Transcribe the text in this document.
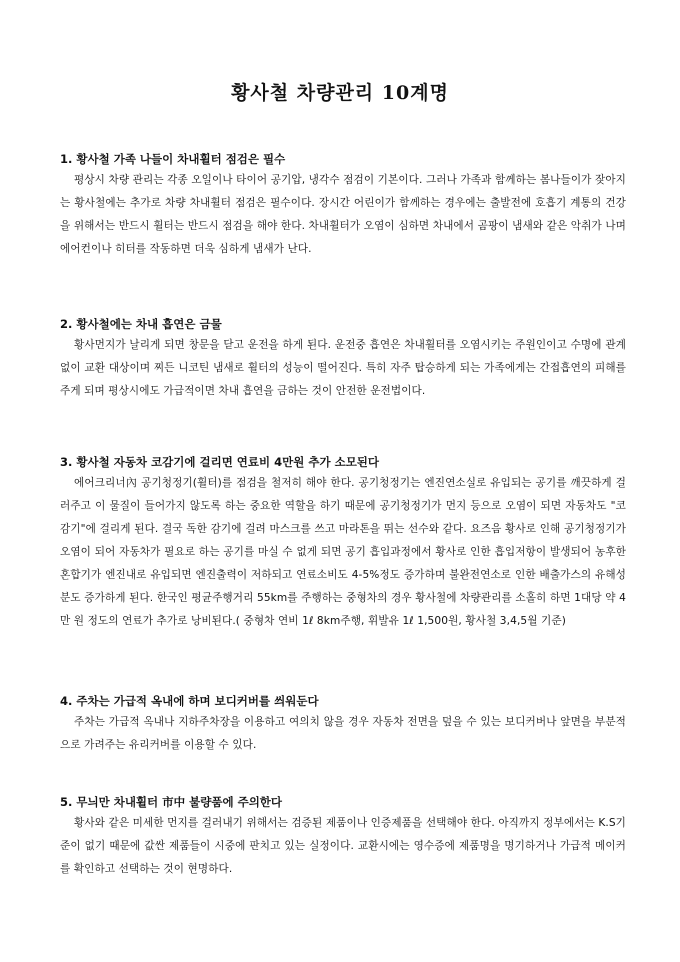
황사철 차량관리 10계명

1. 황사철 가족 나들이 차내휠터 점검은 필수

평상시 차량 관리는 각종 오일이나 타이어 공기압, 냉각수 점검이 기본이다. 그러나 가족과 함께하는 봄나들이가 잦아지는 황사철에는 추가로 차량 차내휠터 점검은 필수이다. 장시간 어린이가 함께하는 경우에는 출발전에 호흡기 계통의 건강을 위해서는 반드시 휠터는 반드시 점검을 해야 한다. 차내휠터가 오염이 심하면 차내에서 곰팡이 냄새와 같은 악취가 나며 에어컨이나 히터를 작동하면 더욱 심하게 냄새가 난다.

2. 황사철에는 차내 흡연은 금물

황사먼지가 날리게 되면 창문을 닫고 운전을 하게 된다. 운전중 흡연은 차내휠터를 오염시키는 주원인이고 수명에 관계없이 교환 대상이며 찌든 니코틴 냄새로 휠터의 성능이 떨어진다. 특히 자주 탑승하게 되는 가족에게는 간접흡연의 피해를 주게 되며 평상시에도 가급적이면 차내 흡연을 금하는 것이 안전한 운전법이다.

3. 황사철 자동차 코감기에 걸리면 연료비 4만원 추가 소모된다

에어크리너內 공기청정기(휠터)를 점검을 철저히 해야 한다. 공기청정기는 엔진연소실로 유입되는 공기를 깨끗하게 걸러주고 이 물질이 들어가지 않도록 하는 중요한 역할을 하기 때문에 공기청정기가 먼지 등으로 오염이 되면 자동차도 "코감기"에 걸리게 된다. 결국 독한 감기에 걸려 마스크를 쓰고 마라톤을 뛰는 선수와 같다. 요즈음 황사로 인해 공기청정기가 오염이 되어 자동차가 필요로 하는 공기를 마실 수 없게 되면 공기 흡입과정에서 황사로 인한 흡입저항이 발생되어 농후한 혼합기가 엔진내로 유입되면 엔진출력이 저하되고 연료소비도 4-5%정도 증가하며 불완전연소로 인한 배출가스의 유해성분도 증가하게 된다. 한국인 평균주행거리 55km를 주행하는 중형차의 경우 황사철에 차량관리를 소홀히 하면 1대당 약 4만 원 정도의 연료가 추가로 낭비된다.( 중형차 연비 1ℓ 8km주행, 휘발유 1ℓ 1,500원, 황사철 3,4,5월 기준)

4. 주차는 가급적 옥내에 하며 보디커버를 씌워둔다

주차는 가급적 옥내나 지하주차장을 이용하고 여의치 않을 경우 자동차 전면을 덮을 수 있는 보디커버나 앞면을 부분적으로 가려주는 유리커버를 이용할 수 있다.

5. 무늬만 차내휠터 市中 불량품에 주의한다

황사와 같은 미세한 먼지를 걸러내기 위해서는 검증된 제품이나 인증제품을 선택해야 한다. 아직까지 정부에서는 K.S기준이 없기 때문에 값싼 제품들이 시중에 판치고 있는 실정이다. 교환시에는 영수증에 제품명을 명기하거나 가급적 메이커를 확인하고 선택하는 것이 현명하다.
